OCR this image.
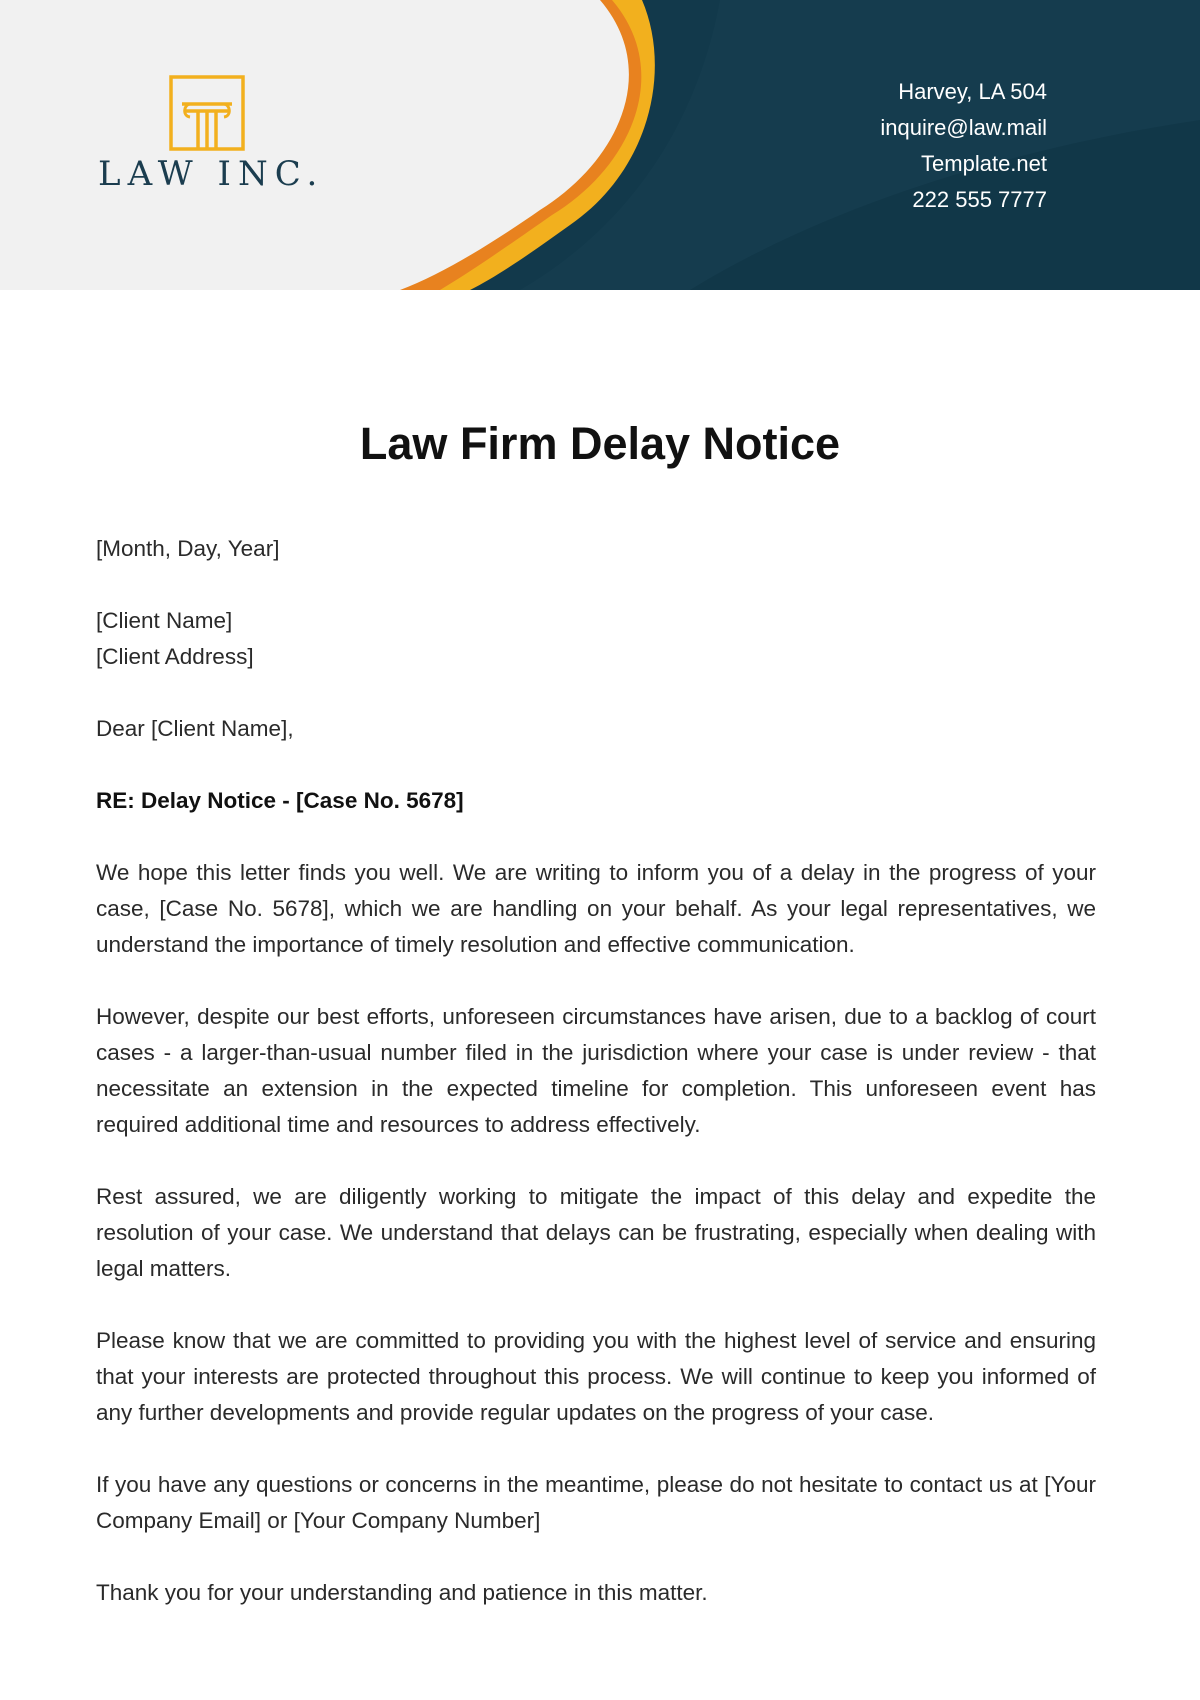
LAW INC.
Harvey, LA 504
inquire@law.mail
Template.net
222 555 7777
Law Firm Delay Notice

[Month, Day, Year]

[Client Name]
[Client Address]

Dear [Client Name],

RE: Delay Notice - [Case No. 5678]

We hope this letter finds you well. We are writing to inform you of a delay in the progress of your case, [Case No. 5678], which we are handling on your behalf. As your legal representatives, we understand the importance of timely resolution and effective communication.

However, despite our best efforts, unforeseen circumstances have arisen, due to a backlog of court cases - a larger-than-usual number filed in the jurisdiction where your case is under review - that necessitate an extension in the expected timeline for completion. This unforeseen event has required additional time and resources to address effectively.

Rest assured, we are diligently working to mitigate the impact of this delay and expedite the resolution of your case. We understand that delays can be frustrating, especially when dealing with legal matters.

Please know that we are committed to providing you with the highest level of service and ensuring that your interests are protected throughout this process. We will continue to keep you informed of any further developments and provide regular updates on the progress of your case.

If you have any questions or concerns in the meantime, please do not hesitate to contact us at [Your Company Email] or [Your Company Number]

Thank you for your understanding and patience in this matter.
